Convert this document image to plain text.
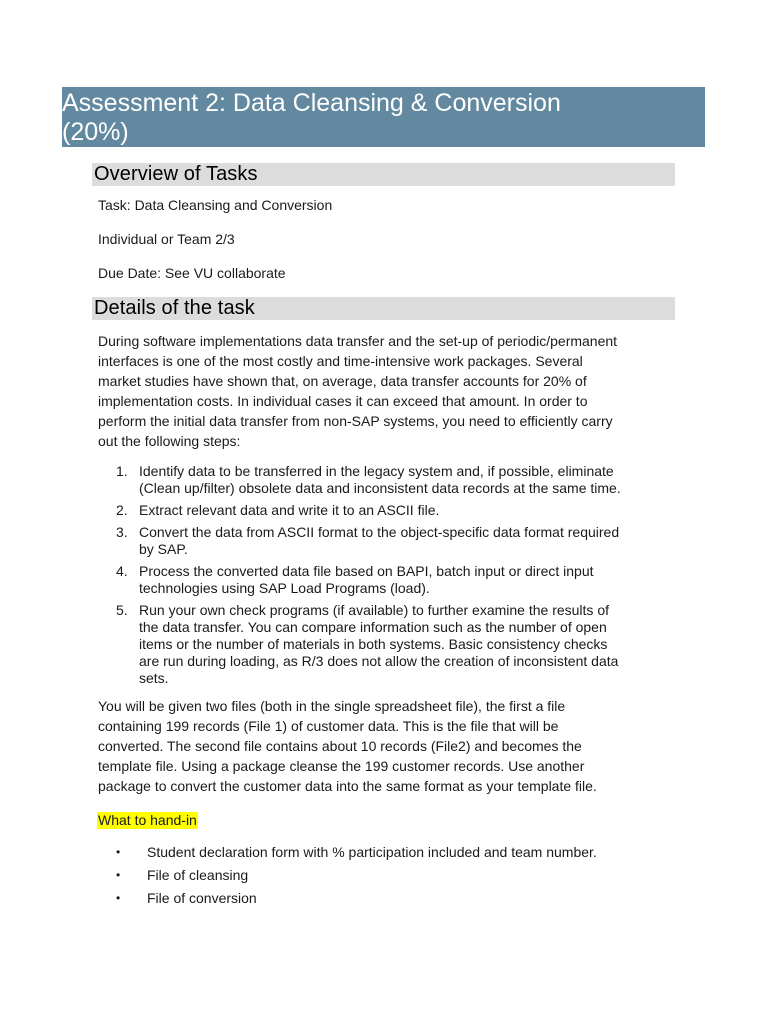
Assessment 2: Data Cleansing & Conversion
(20%)
Overview of Tasks
Task: Data Cleansing and Conversion
Individual or Team 2/3
Due Date: See VU collaborate
Details of the task

During software implementations data transfer and the set-up of periodic/permanent
interfaces is one of the most costly and time-intensive work packages. Several
market studies have shown that, on average, data transfer accounts for 20% of
implementation costs. In individual cases it can exceed that amount. In order to
perform the initial data transfer from non-SAP systems, you need to efficiently carry
out the following steps:

1. Identify data to be transferred in the legacy system and, if possible, eliminate
(Clean up/filter) obsolete data and inconsistent data records at the same time.
2. Extract relevant data and write it to an ASCII file.
3. Convert the data from ASCII format to the object-specific data format required
by SAP.
4. Process the converted data file based on BAPI, batch input or direct input
technologies using SAP Load Programs (load).
5. Run your own check programs (if available) to further examine the results of
the data transfer. You can compare information such as the number of open
items or the number of materials in both systems. Basic consistency checks
are run during loading, as R/3 does not allow the creation of inconsistent data
sets.

You will be given two files (both in the single spreadsheet file), the first a file
containing 199 records (File 1) of customer data. This is the file that will be
converted. The second file contains about 10 records (File2) and becomes the
template file. Using a package cleanse the 199 customer records. Use another
package to convert the customer data into the same format as your template file.

What to hand-in
• Student declaration form with % participation included and team number.
• File of cleansing
• File of conversion
